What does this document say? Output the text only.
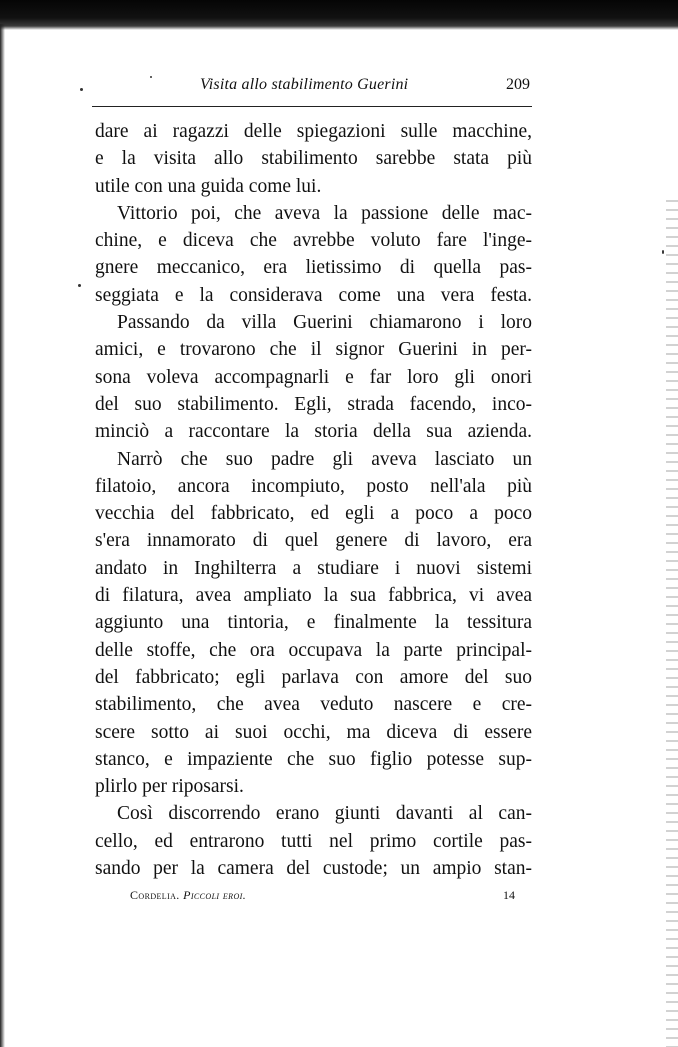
Visita allo stabilimento Guerini	209
dare ai ragazzi delle spiegazioni sulle macchine,
e la visita allo stabilimento sarebbe stata più
utile con una guida come lui.
Vittorio poi, che aveva la passione delle mac-
chine, e diceva che avrebbe voluto fare l'inge-
gnere meccanico, era lietissimo di quella pas-
seggiata e la considerava come una vera festa.
Passando da villa Guerini chiamarono i loro
amici, e trovarono che il signor Guerini in per-
sona voleva accompagnarli e far loro gli onori
del suo stabilimento. Egli, strada facendo, inco-
minciò a raccontare la storia della sua azienda.
Narrò che suo padre gli aveva lasciato un
filatoio, ancora incompiuto, posto nell'ala più
vecchia del fabbricato, ed egli a poco a poco
s'era innamorato di quel genere di lavoro, era
andato in Inghilterra a studiare i nuovi sistemi
di filatura, avea ampliato la sua fabbrica, vi avea
aggiunto una tintoria, e finalmente la tessitura
delle stoffe, che ora occupava la parte principal-
del fabbricato; egli parlava con amore del suo
stabilimento, che avea veduto nascere e cre-
scere sotto ai suoi occhi, ma diceva di essere
stanco, e impaziente che suo figlio potesse sup-
plirlo per riposarsi.
Così discorrendo erano giunti davanti al can-
cello, ed entrarono tutti nel primo cortile pas-
sando per la camera del custode; un ampio stan-
Cordelia. Piccoli eroi.	14
